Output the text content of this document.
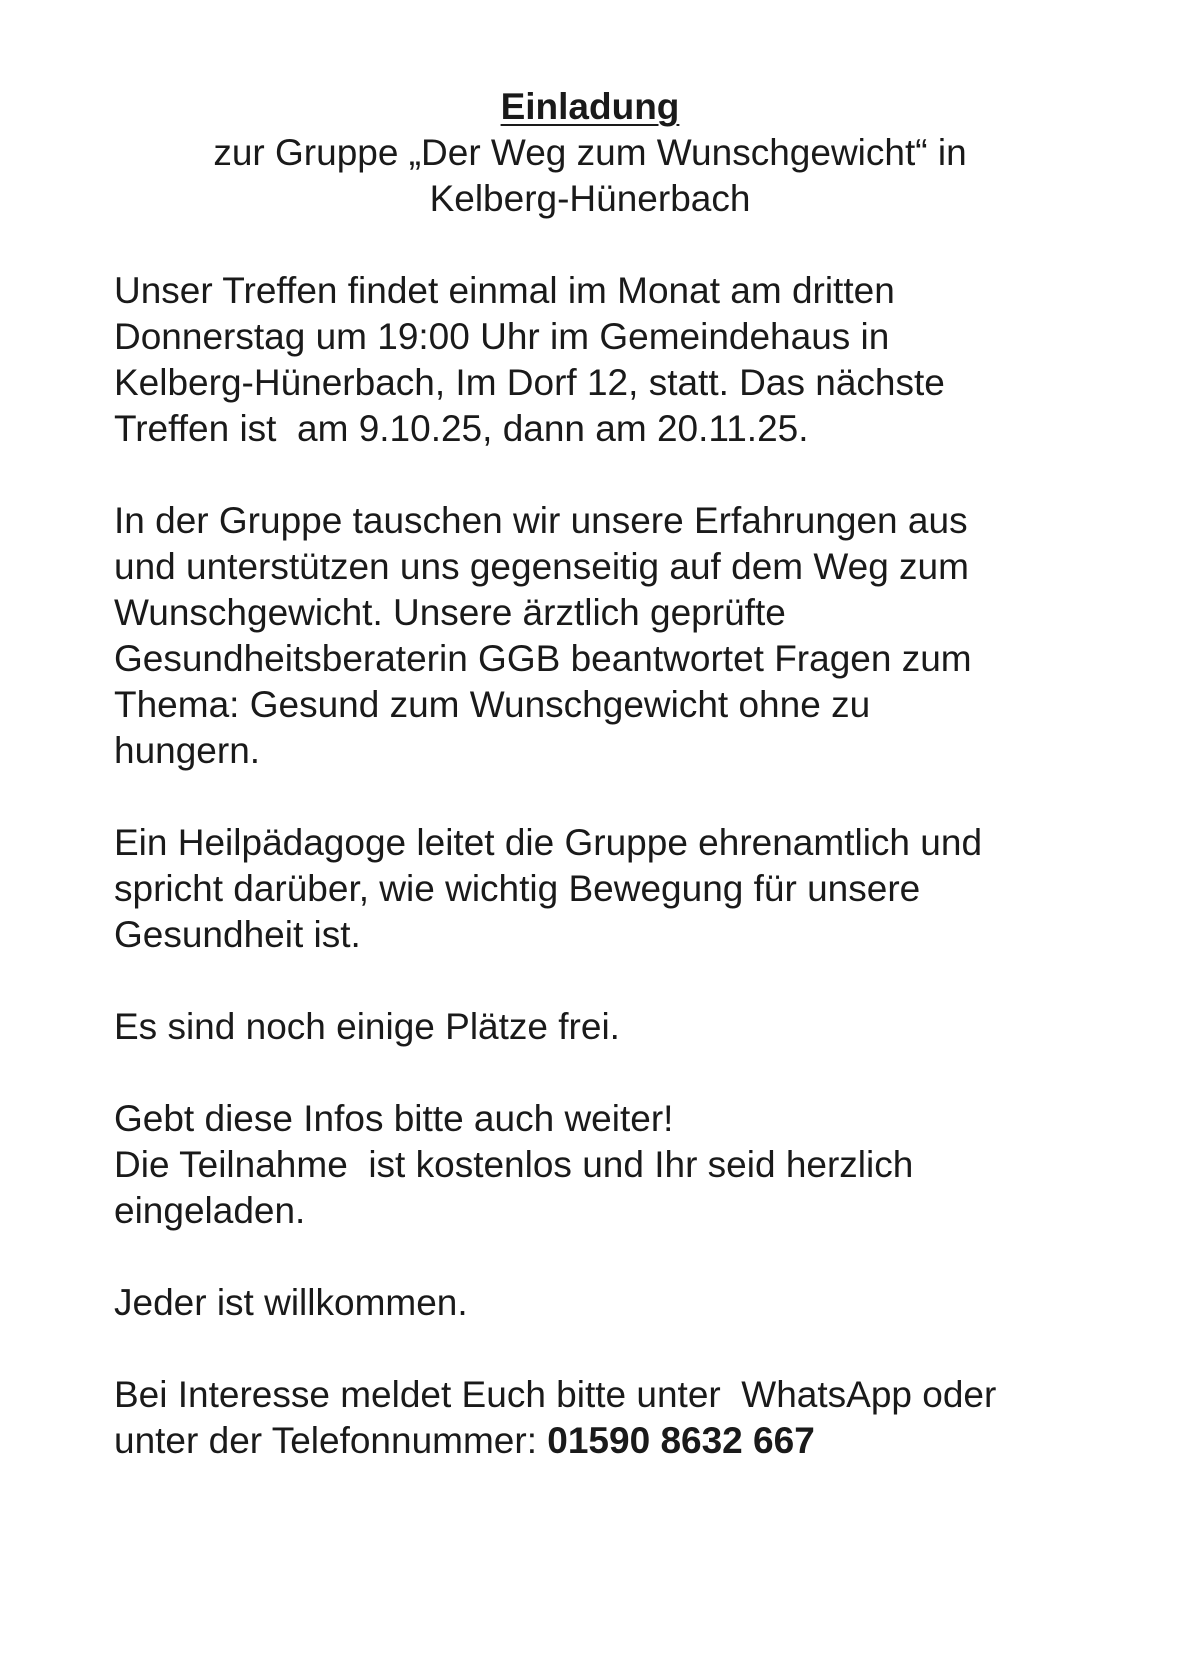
Einladung
zur Gruppe „Der Weg zum Wunschgewicht“ in
Kelberg-Hünerbach

Unser Treffen findet einmal im Monat am dritten
Donnerstag um 19:00 Uhr im Gemeindehaus in
Kelberg-Hünerbach, Im Dorf 12, statt. Das nächste
Treffen ist  am 9.10.25, dann am 20.11.25.

In der Gruppe tauschen wir unsere Erfahrungen aus
und unterstützen uns gegenseitig auf dem Weg zum
Wunschgewicht. Unsere ärztlich geprüfte
Gesundheitsberaterin GGB beantwortet Fragen zum
Thema: Gesund zum Wunschgewicht ohne zu
hungern.

Ein Heilpädagoge leitet die Gruppe ehrenamtlich und
spricht darüber, wie wichtig Bewegung für unsere
Gesundheit ist.

Es sind noch einige Plätze frei.

Gebt diese Infos bitte auch weiter!
Die Teilnahme  ist kostenlos und Ihr seid herzlich
eingeladen.

Jeder ist willkommen.

Bei Interesse meldet Euch bitte unter  WhatsApp oder
unter der Telefonnummer: 01590 8632 667
